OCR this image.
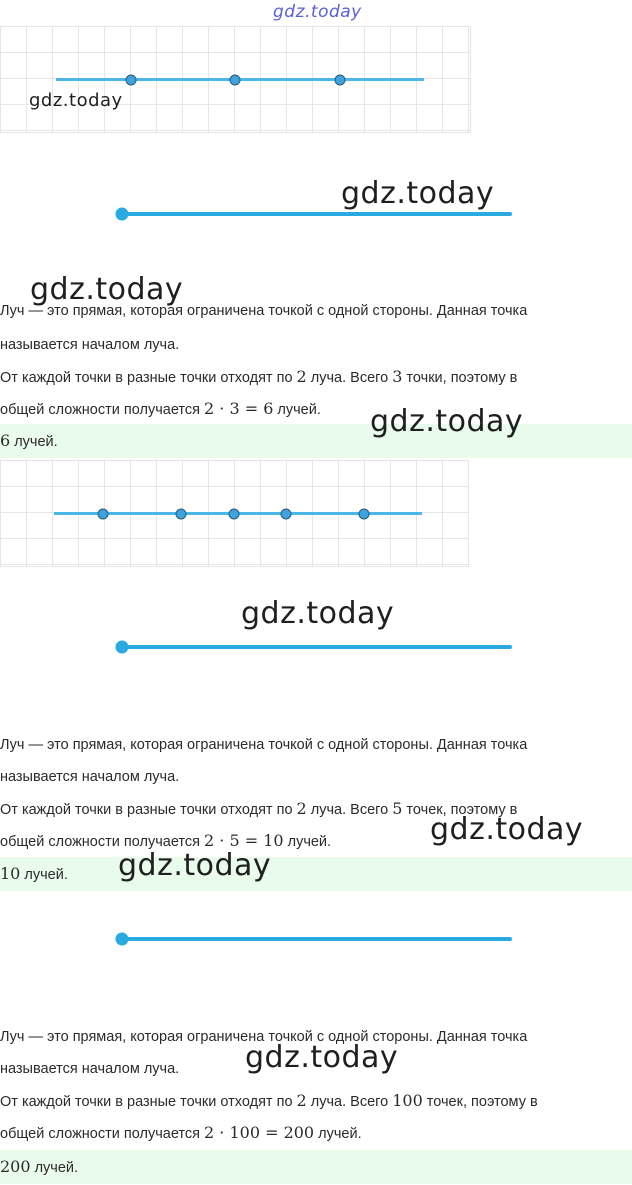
gdz.today
gdz.today
gdz.today
gdz.today
Луч — это прямая, которая ограничена точкой с одной стороны. Данная точка
называется началом луча.
От каждой точки в разные точки отходят по 2 луча. Всего 3 точки, поэтому в
общей сложности получается 2 · 3 = 6 лучей.
6 лучей.
gdz.today
gdz.today
Луч — это прямая, которая ограничена точкой с одной стороны. Данная точка
называется началом луча.
От каждой точки в разные точки отходят по 2 луча. Всего 5 точек, поэтому в
общей сложности получается 2 · 5 = 10 лучей.	gdz.today
10 лучей.	gdz.today
Луч — это прямая, которая ограничена точкой с одной стороны. Данная точка
gdz.today
называется началом луча.
От каждой точки в разные точки отходят по 2 луча. Всего 100 точек, поэтому в
общей сложности получается 2 · 100 = 200 лучей.
200 лучей.
